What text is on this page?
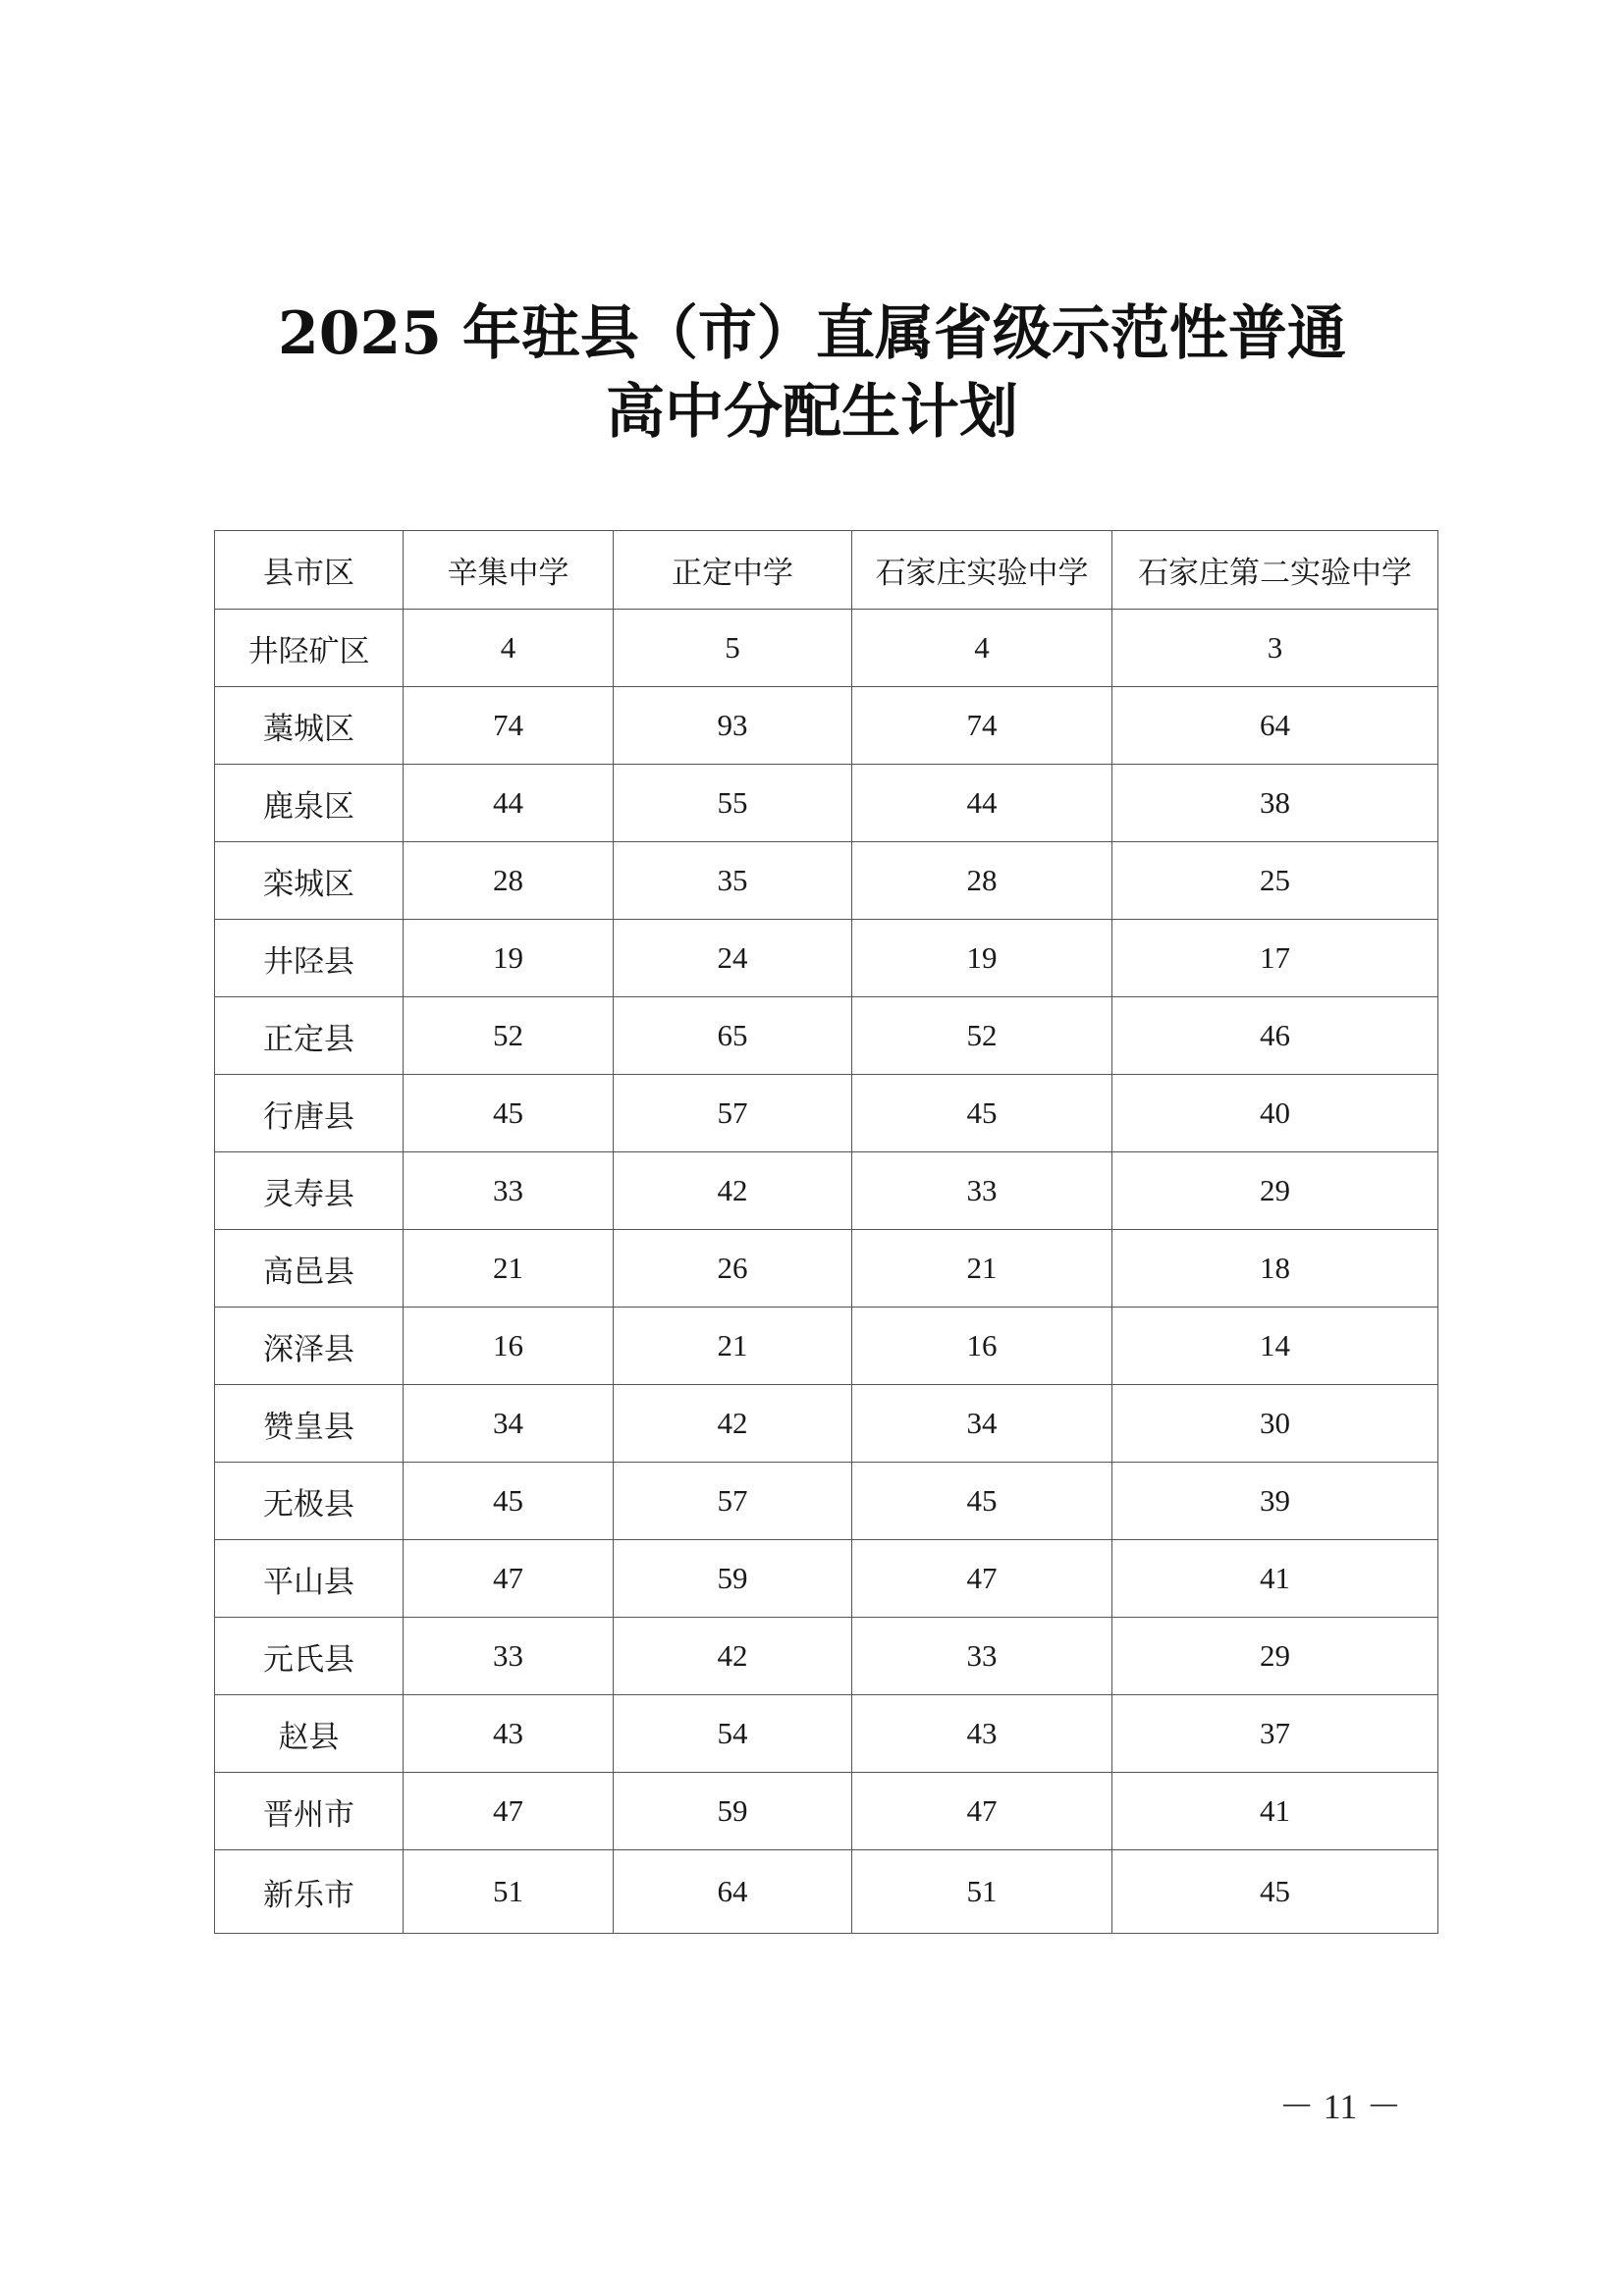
2025 年驻县（市）直属省级示范性普通
高中分配生计划
县市区	辛集中学	正定中学	石家庄实验中学	石家庄第二实验中学
井陉矿区	4	5	4	3
藁城区	74	93	74	64
鹿泉区	44	55	44	38
栾城区	28	35	28	25
井陉县	19	24	19	17
正定县	52	65	52	46
行唐县	45	57	45	40
灵寿县	33	42	33	29
高邑县	21	26	21	18
深泽县	16	21	16	14
赞皇县	34	42	34	30
无极县	45	57	45	39
平山县	47	59	47	41
元氏县	33	42	33	29
赵县	43	54	43	37
晋州市	47	59	47	41
新乐市	51	64	51	45
－ 11 －
